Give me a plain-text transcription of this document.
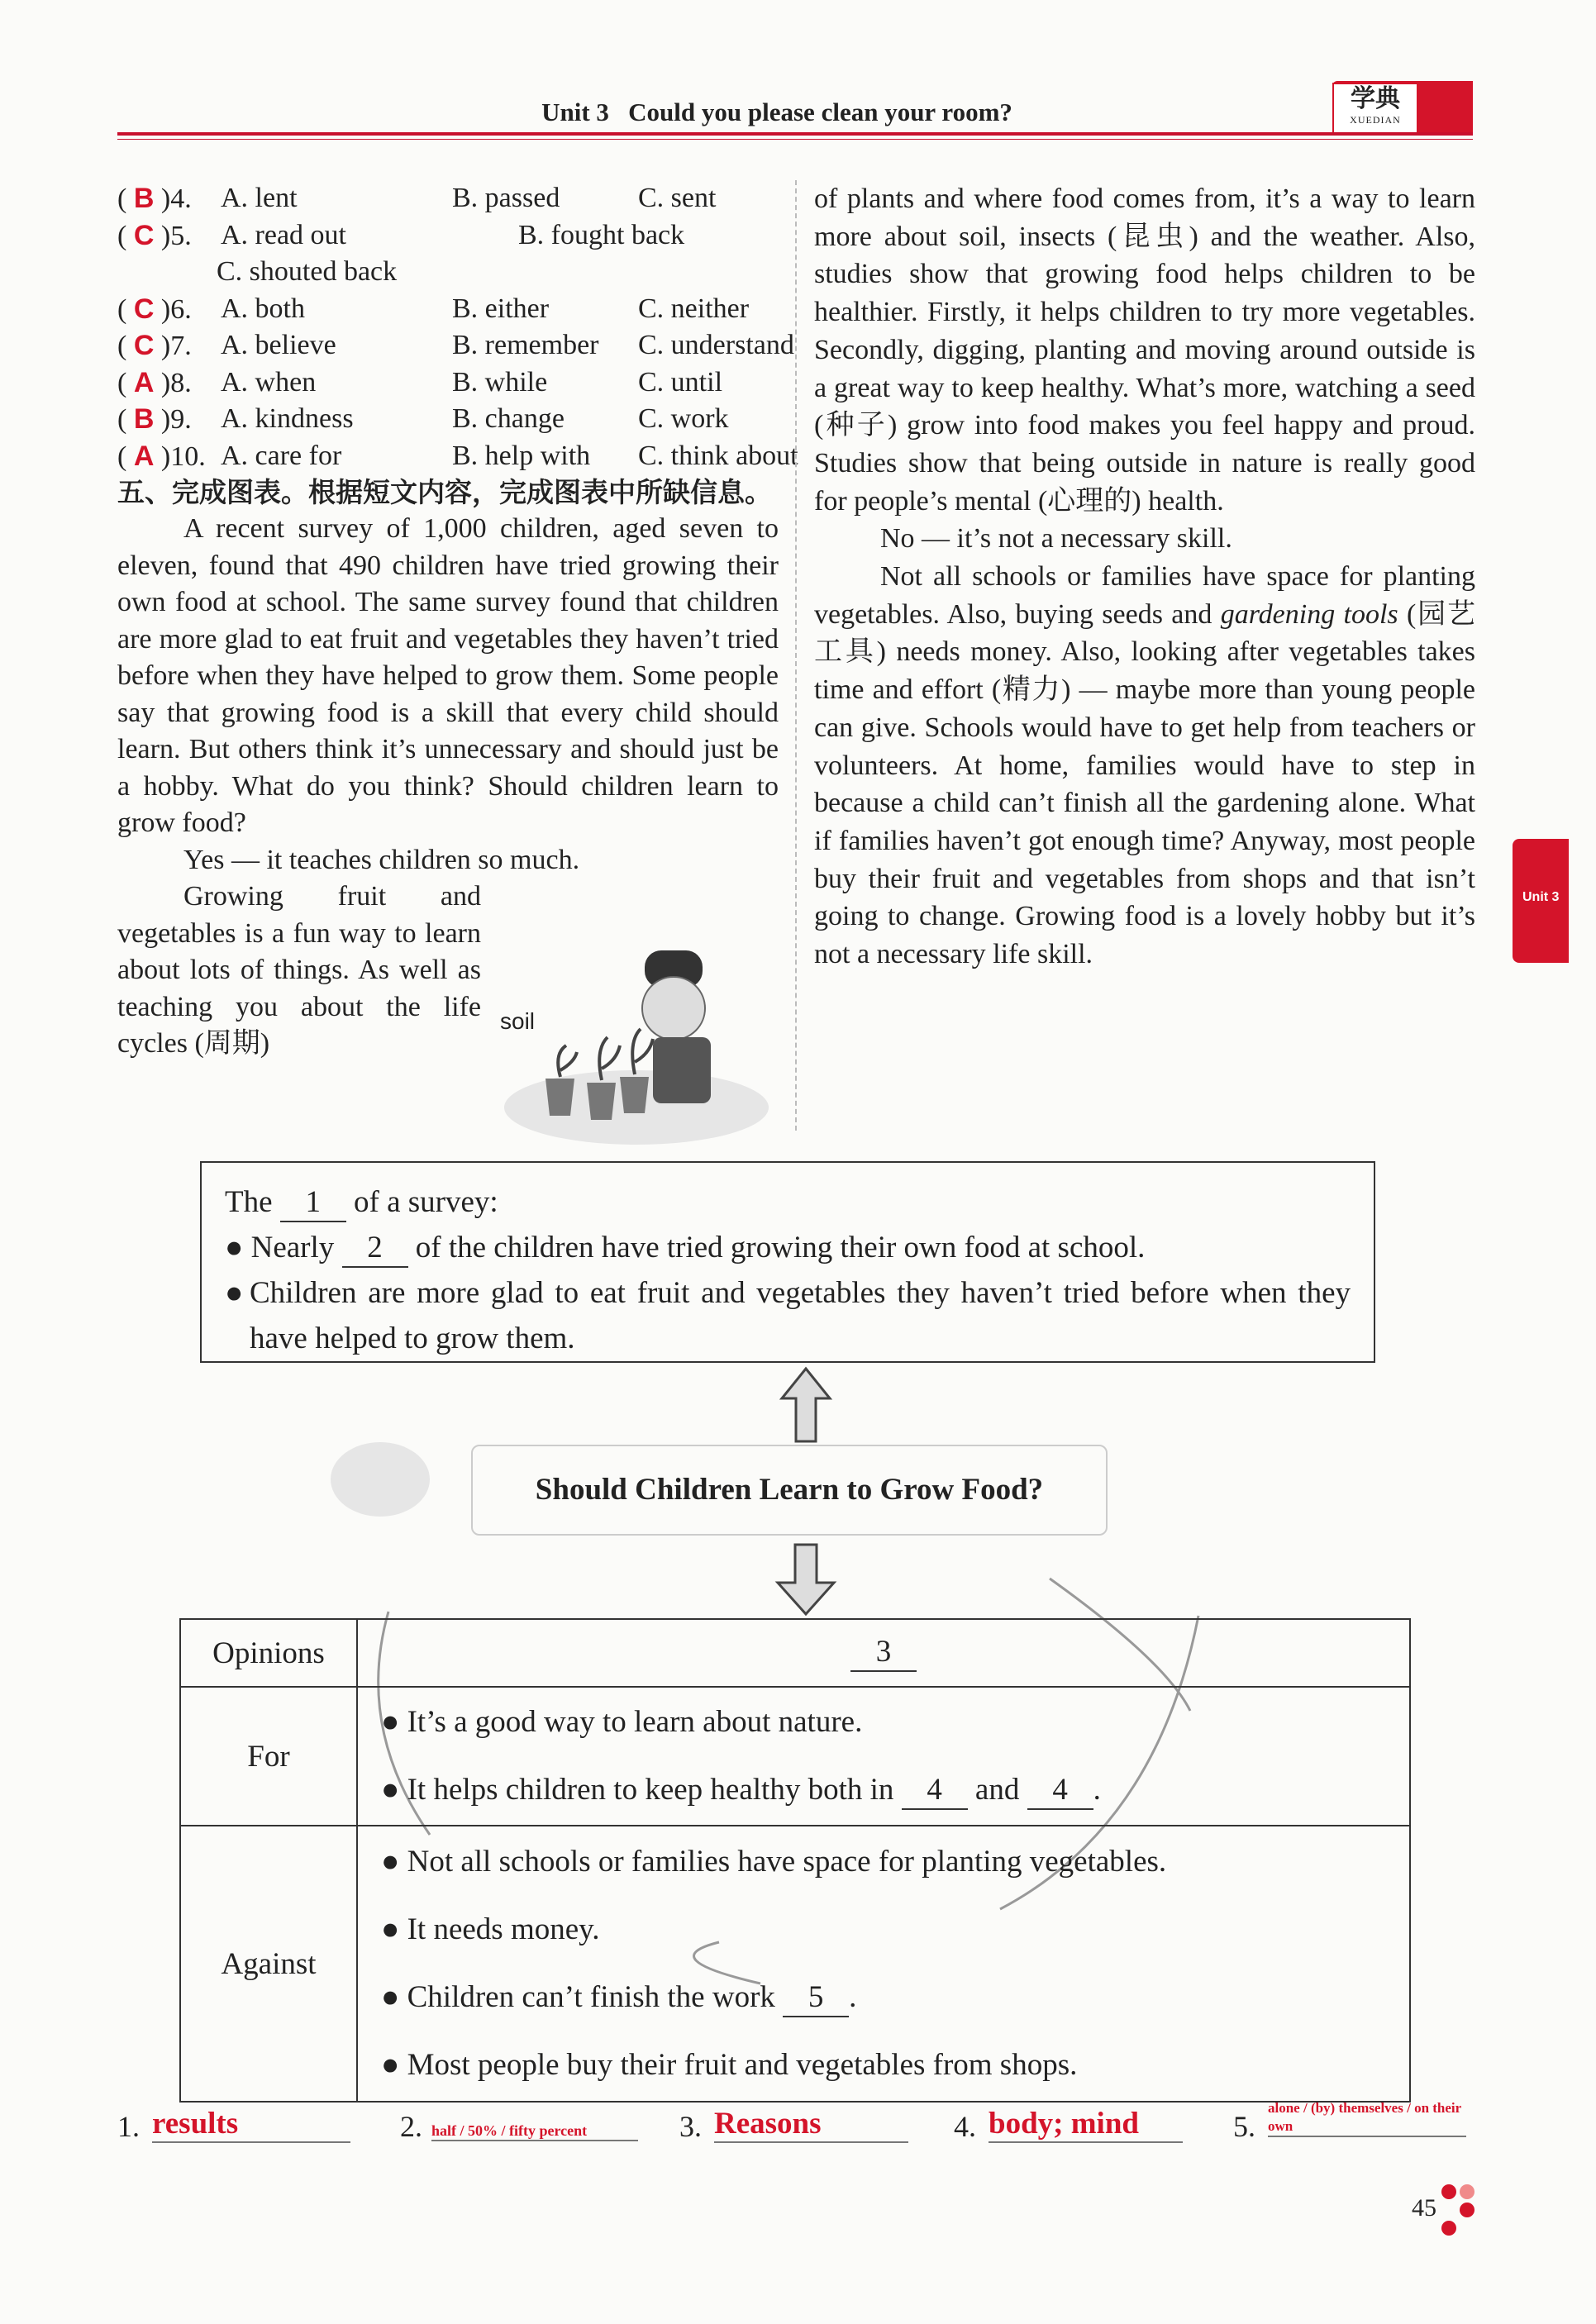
学典
XUEDIAN
Unit 3   Could you please clean your room?
Unit 3
( B )4. A. lent	B. passed	C. sent
( C )5. A. read out	B. fought back
C. shouted back
( C )6. A. both	B. either	C. neither
( C )7. A. believe	B. remember C. understand
( A )8. A. when	B. while	C. until
( B )9. A. kindness	B. change	C. work
( A )10. A. care for	B. help with C. think about
五、完成图表。根据短文内容，完成图表中所缺信息。

A recent survey of 1,000 children, aged seven to eleven, found that 490 children have tried growing their own food at school. The same survey found that children are more glad to eat fruit and vegetables they haven’t tried before when they have helped to grow them. Some people say that growing food is a skill that every child should learn. But others think it’s unnecessary and should just be a hobby. What do you think? Should children learn to grow food?

Yes — it teaches children so much.

Growing fruit and vegetables is a fun way to learn about lots of things. As well as teaching you about the life cycles (周期)

soil

of plants and where food comes from, it’s a way to learn more about soil, insects (昆虫) and the weather. Also, studies show that growing food helps children to be healthier. Firstly, it helps children to try more vegetables. Secondly, digging, planting and moving around outside is a great way to keep healthy. What’s more, watching a seed (种子) grow into food makes you feel happy and proud. Studies show that being outside in nature is really good for people’s mental (心理的) health.

No — it’s not a necessary skill.

Not all schools or families have space for planting vegetables. Also, buying seeds and gardening tools (园艺工具) needs money. Also, looking after vegetables takes time and effort (精力) — maybe more than young people can give. Schools would have to get help from teachers or volunteers. At home, families would have to step in because a child can’t finish all the gardening alone. What if families haven’t got enough time? Anyway, most people buy their fruit and vegetables from shops and that isn’t going to change. Growing food is a lovely hobby but it’s not a necessary life skill.

The 1 of a survey:
● Nearly 2 of the children have tried growing their own food at school.
● Children are more glad to eat fruit and vegetables they haven’t tried before when they have helped to grow them.
Should Children Learn to Grow Food?
Opinions	3
For	● It’s a good way to learn about nature.
● It helps children to keep healthy both in 4 and 4 .

Against	● Not all schools or families have space for planting vegetables.
● It needs money.
● Children can’t finish the work 5 .
● Most people buy their fruit and vegetables from shops.
1. results	2. half / 50% / fifty percent	3. Reasons	4. body; mind	5.
alone / (by) themselves / on their own
45
